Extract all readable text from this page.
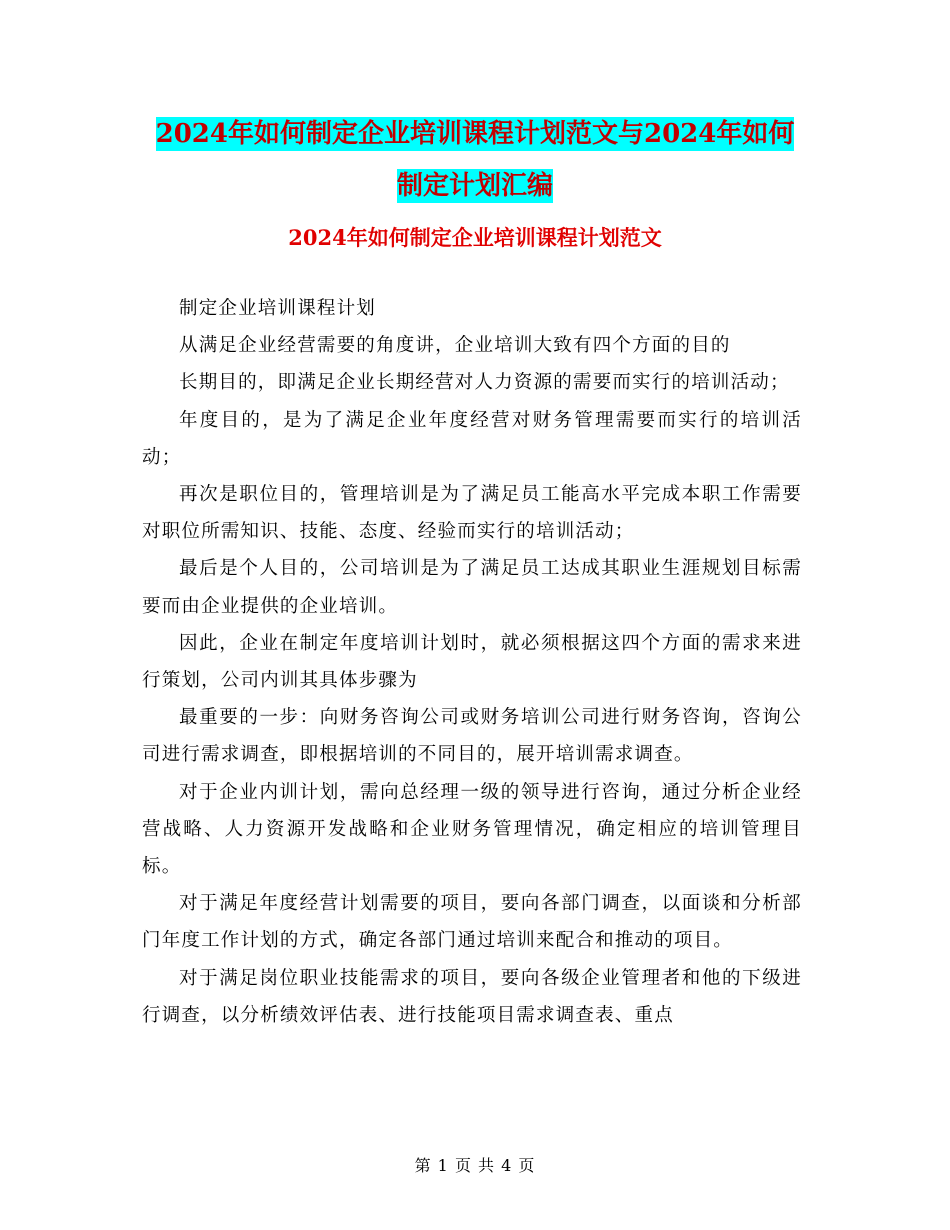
2024年如何制定企业培训课程计划范文与2024年如何
制定计划汇编
2024年如何制定企业培训课程计划范文

制定企业培训课程计划

从满足企业经营需要的角度讲，企业培训大致有四个方面的目的

长期目的，即满足企业长期经营对人力资源的需要而实行的培训活动；

年度目的，是为了满足企业年度经营对财务管理需要而实行的培训活动；

再次是职位目的，管理培训是为了满足员工能高水平完成本职工作需要对职位所需知识、技能、态度、经验而实行的培训活动；

最后是个人目的，公司培训是为了满足员工达成其职业生涯规划目标需要而由企业提供的企业培训。

因此，企业在制定年度培训计划时，就必须根据这四个方面的需求来进行策划，公司内训其具体步骤为

最重要的一步：向财务咨询公司或财务培训公司进行财务咨询，咨询公司进行需求调查，即根据培训的不同目的，展开培训需求调查。

对于企业内训计划，需向总经理一级的领导进行咨询，通过分析企业经营战略、人力资源开发战略和企业财务管理情况，确定相应的培训管理目标。

对于满足年度经营计划需要的项目，要向各部门调查，以面谈和分析部门年度工作计划的方式，确定各部门通过培训来配合和推动的项目。

对于满足岗位职业技能需求的项目，要向各级企业管理者和他的下级进行调查，以分析绩效评估表、进行技能项目需求调查表、重点

第 1 页 共 4 页
